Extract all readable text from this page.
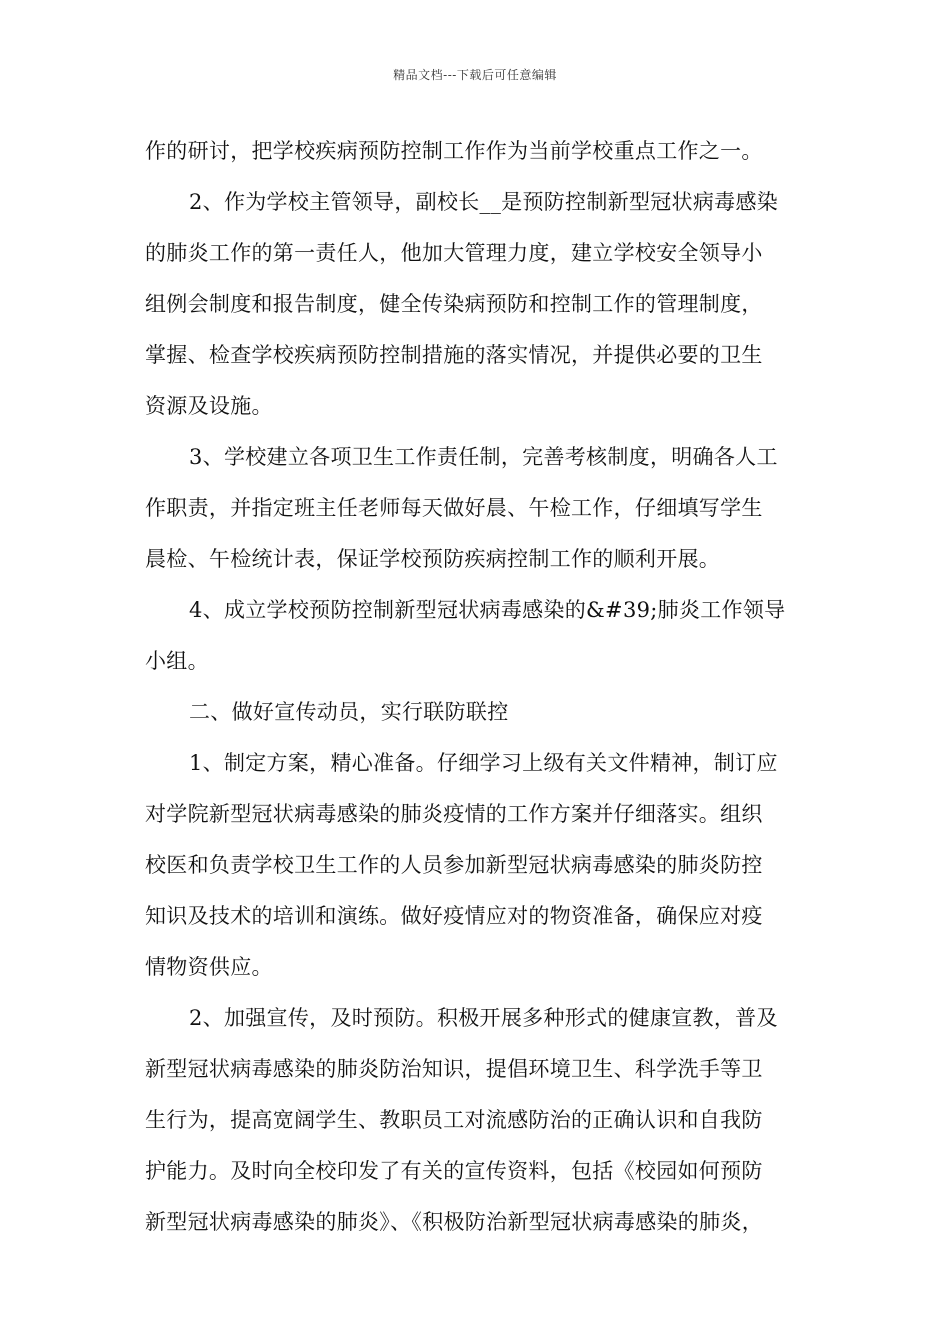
精品文档---下载后可任意编辑
作的研讨，把学校疾病预防控制工作作为当前学校重点工作之一。
2、作为学校主管领导，副校长__是预防控制新型冠状病毒感染
的肺炎工作的第一责任人，他加大管理力度，建立学校安全领导小
组例会制度和报告制度，健全传染病预防和控制工作的管理制度，
掌握、检查学校疾病预防控制措施的落实情况，并提供必要的卫生
资源及设施。
3、学校建立各项卫生工作责任制，完善考核制度，明确各人工
作职责，并指定班主任老师每天做好晨、午检工作，仔细填写学生
晨检、午检统计表，保证学校预防疾病控制工作的顺利开展。
4、成立学校预防控制新型冠状病毒感染的&#39;肺炎工作领导
小组。
二、做好宣传动员，实行联防联控
1、制定方案，精心准备。仔细学习上级有关文件精神，制订应
对学院新型冠状病毒感染的肺炎疫情的工作方案并仔细落实。组织
校医和负责学校卫生工作的人员参加新型冠状病毒感染的肺炎防控
知识及技术的培训和演练。做好疫情应对的物资准备，确保应对疫
情物资供应。
2、加强宣传，及时预防。积极开展多种形式的健康宣教，普及
新型冠状病毒感染的肺炎防治知识，提倡环境卫生、科学洗手等卫
生行为，提高宽阔学生、教职员工对流感防治的正确认识和自我防
护能力。及时向全校印发了有关的宣传资料，包括《校园如何预防
新型冠状病毒感染的肺炎》、《积极防治新型冠状病毒感染的肺炎，
